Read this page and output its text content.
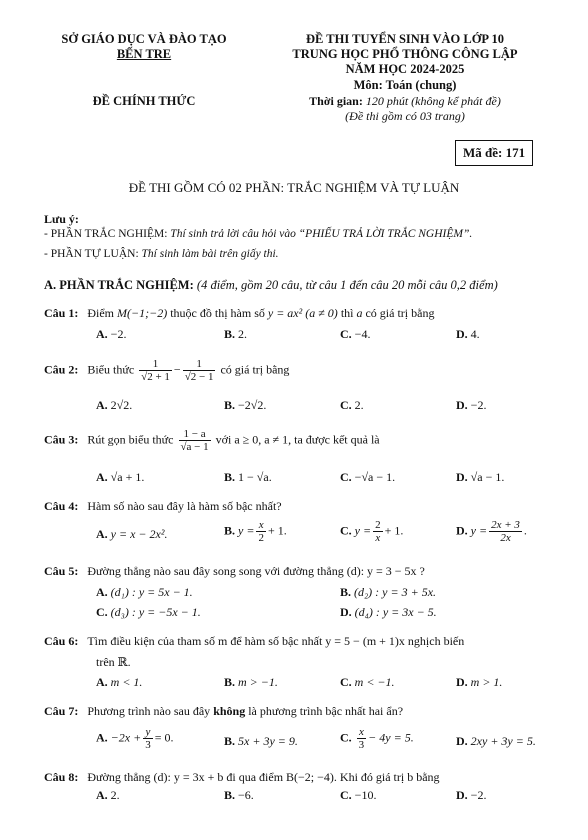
SỞ GIÁO DỤC VÀ ĐÀO TẠO
BẾN TRE
ĐỀ CHÍNH THỨC
ĐỀ THI TUYỂN SINH VÀO LỚP 10
TRUNG HỌC PHỔ THÔNG CÔNG LẬP
NĂM HỌC 2024-2025
Môn: Toán (chung)
Thời gian: 120 phút (không kể phát đề)
(Đề thi gồm có 03 trang)
Mã đề: 171
ĐỀ THI GỒM CÓ 02 PHẦN: TRẮC NGHIỆM VÀ TỰ LUẬN
Lưu ý:
- PHẦN TRẮC NGHIỆM: Thí sinh trả lời câu hỏi vào “PHIẾU TRẢ LỜI TRẮC NGHIỆM”.
- PHẦN TỰ LUẬN: Thí sinh làm bài trên giấy thi.
A. PHẦN TRẮC NGHIỆM: (4 điểm, gồm 20 câu, từ câu 1 đến câu 20 mỗi câu 0,2 điểm)
Câu 1: Điểm M(−1;−2) thuộc đồ thị hàm số y = ax² (a ≠ 0) thì a có giá trị bằng
A. −2.	B. 2.	C. −4.	D. 4.
Câu 2: Biểu thức $\frac{1}{√2 + 1} - \frac{1}{√2 - 1}$ có giá trị bằng
A. 2√2.	B. −2√2.	C. 2.	D. −2.
Câu 3: Rút gọn biểu thức $\frac{1 - a}{√a - 1}$ với a ≥ 0, a ≠ 1, ta được kết quả là
A. √a + 1.	B. 1 − √a.	C. −√a − 1.	D. √a − 1.
Câu 4: Hàm số nào sau đây là hàm số bậc nhất?
A. y = x − 2x².	B. $y = \frac{x}{2} + 1$.	C. $y = \frac{2}{x} + 1$.	D. $y = \frac{2x + 3}{2x}$ .
Câu 5: Đường thẳng nào sau đây song song với đường thẳng (d): y = 3 − 5x ?
A. (d₁) : y = 5x − 1.	B. (d₂) : y = 3 + 5x.
C. (d₃) : y = −5x − 1.	D. (d₄) : y = 3x − 5.
Câu 6: Tìm điều kiện của tham số m để hàm số bậc nhất y = 5 − (m + 1)x nghịch biến
trên ℝ.
A. m < 1.	B. m > −1.	C. m < −1.	D. m > 1.
Câu 7: Phương trình nào sau đây không là phương trình bậc nhất hai ẩn?
A. $-2x + \frac{y}{3} = 0$.	B. 5x + 3y = 9.	C. $\frac{x}{3} - 4y = 5$.	D. 2xy + 3y = 5.
Câu 8: Đường thẳng (d): y = 3x + b đi qua điểm B(−2; −4). Khi đó giá trị b bằng
A. 2.	B. −6.	C. −10.	D. −2.
